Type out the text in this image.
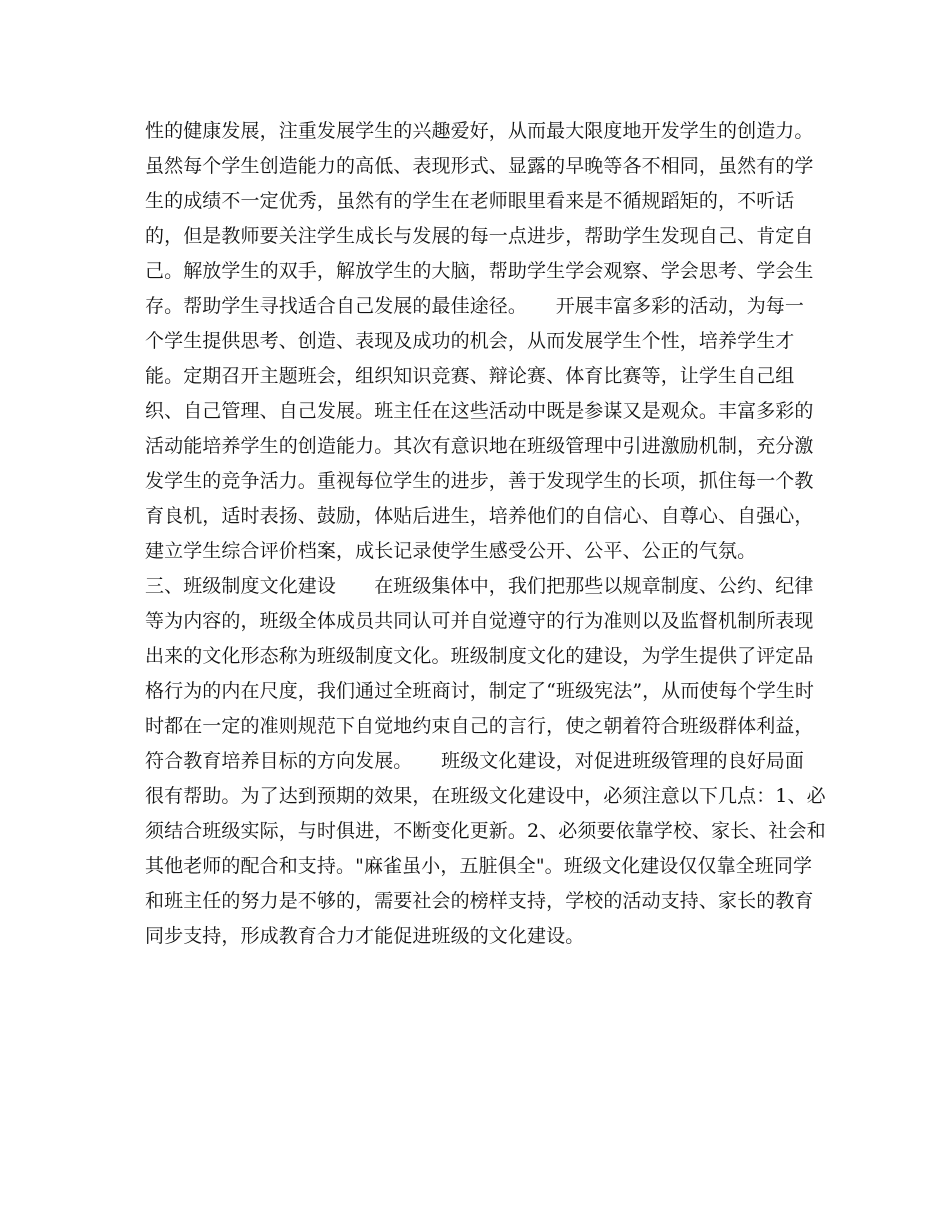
性的健康发展，注重发展学生的兴趣爱好，从而最大限度地开发学生的创造力。
虽然每个学生创造能力的高低、表现形式、显露的早晚等各不相同，虽然有的学
生的成绩不一定优秀，虽然有的学生在老师眼里看来是不循规蹈矩的，不听话
的，但是教师要关注学生成长与发展的每一点进步，帮助学生发现自己、肯定自
己。解放学生的双手，解放学生的大脑，帮助学生学会观察、学会思考、学会生
存。帮助学生寻找适合自己发展的最佳途径。　　开展丰富多彩的活动，为每一
个学生提供思考、创造、表现及成功的机会，从而发展学生个性，培养学生才
能。定期召开主题班会，组织知识竞赛、辩论赛、体育比赛等，让学生自己组
织、自己管理、自己发展。班主任在这些活动中既是参谋又是观众。丰富多彩的
活动能培养学生的创造能力。其次有意识地在班级管理中引进激励机制，充分激
发学生的竞争活力。重视每位学生的进步，善于发现学生的长项，抓住每一个教
育良机，适时表扬、鼓励，体贴后进生，培养他们的自信心、自尊心、自强心，
建立学生综合评价档案，成长记录使学生感受公开、公平、公正的气氛。
三、班级制度文化建设　　在班级集体中，我们把那些以规章制度、公约、纪律
等为内容的，班级全体成员共同认可并自觉遵守的行为准则以及监督机制所表现
出来的文化形态称为班级制度文化。班级制度文化的建设，为学生提供了评定品
格行为的内在尺度，我们通过全班商讨，制定了“班级宪法”，从而使每个学生时
时都在一定的准则规范下自觉地约束自己的言行，使之朝着符合班级群体利益，
符合教育培养目标的方向发展。　　班级文化建设，对促进班级管理的良好局面
很有帮助。为了达到预期的效果，在班级文化建设中，必须注意以下几点：1、必
须结合班级实际，与时俱进，不断变化更新。2、必须要依靠学校、家长、社会和
其他老师的配合和支持。"麻雀虽小，五脏俱全"。班级文化建设仅仅靠全班同学
和班主任的努力是不够的，需要社会的榜样支持，学校的活动支持、家长的教育
同步支持，形成教育合力才能促进班级的文化建设。
